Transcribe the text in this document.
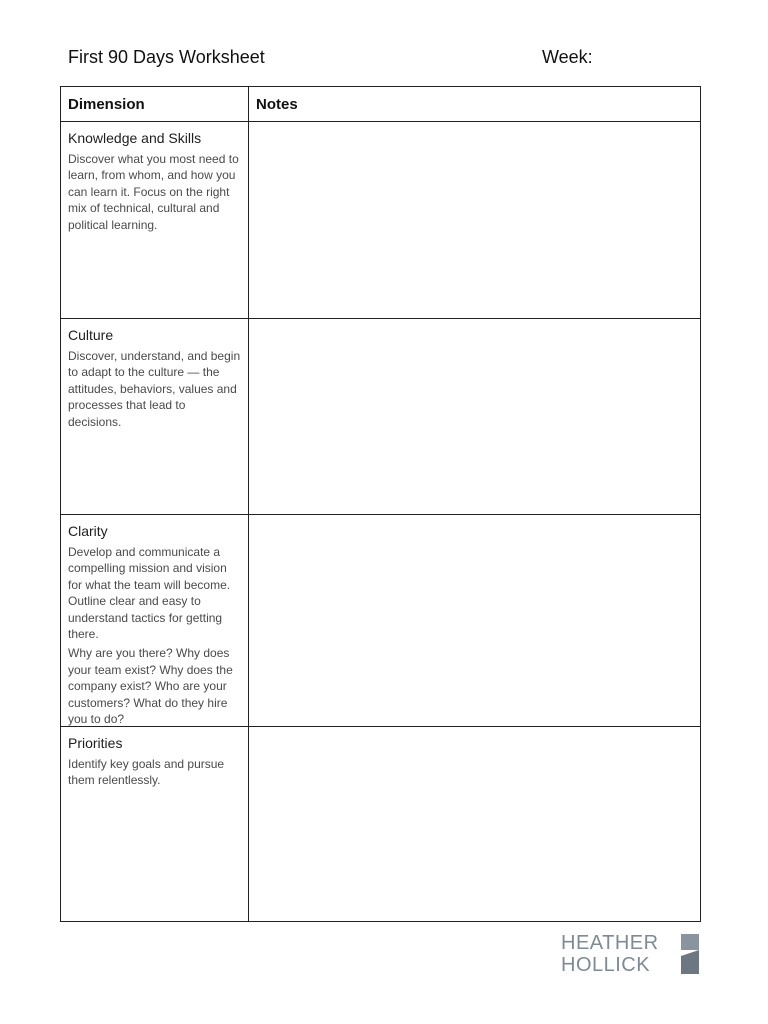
First 90 Days Worksheet	Week:
Dimension	Notes
Knowledge and Skills
Discover what you most need to learn, from whom, and how you can learn it. Focus on the right mix of technical, cultural and political learning.
Culture
Discover, understand, and begin to adapt to the culture — the attitudes, behaviors, values and processes that lead to decisions.
Clarity
Develop and communicate a compelling mission and vision for what the team will become. Outline clear and easy to understand tactics for getting there.
Why are you there? Why does your team exist? Why does the company exist? Who are your customers? What do they hire you to do?
Priorities
Identify key goals and pursue them relentlessly.
HEATHER
HOLLICK
